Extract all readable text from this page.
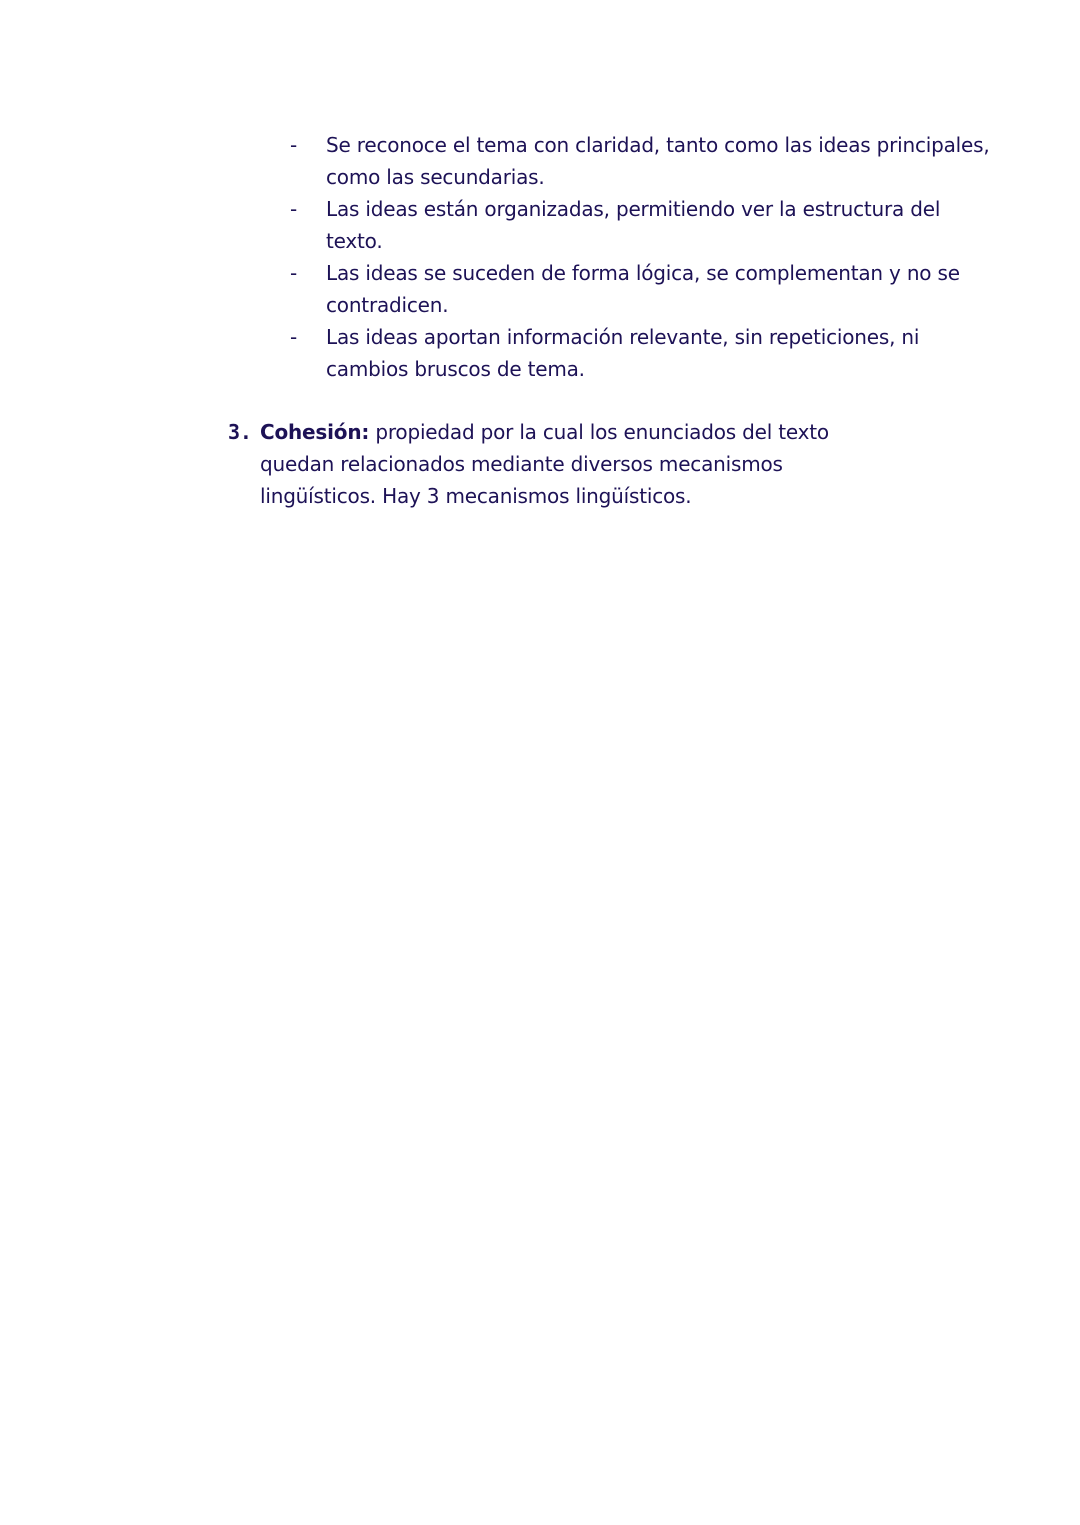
-	Se reconoce el tema con claridad, tanto como las ideas principales, como las secundarias.
-	Las ideas están organizadas, permitiendo ver la estructura del texto.
-	Las ideas se suceden de forma lógica, se complementan y no se contradicen.
-	Las ideas aportan información relevante, sin repeticiones, ni cambios bruscos de tema.
3. Cohesión: propiedad por la cual los enunciados del texto quedan relacionados mediante diversos mecanismos lingüísticos. Hay 3 mecanismos lingüísticos.
